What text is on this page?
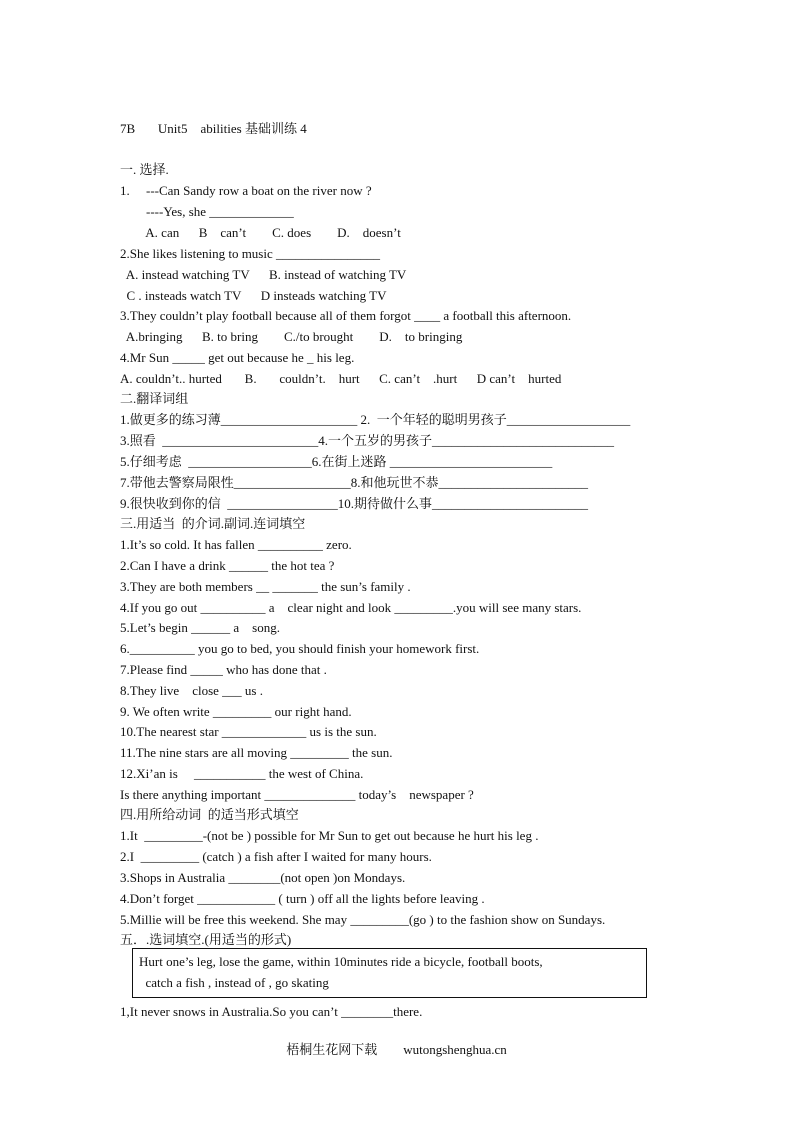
7B       Unit5    abilities 基础训练 4
一. 选择.
1.     ---Can Sandy row a boat on the river now ?
----Yes, she _____________
A. can      B    can’t        C. does        D.    doesn’t
2.She likes listening to music ________________
A. instead watching TV      B. instead of watching TV
C . insteads watch TV      D insteads watching TV
3.They couldn’t play football because all of them forgot ____ a football this afternoon.
A.bringing      B. to bring        C./to brought        D.    to bringing
4.Mr Sun _____ get out because he _ his leg.
A. couldn’t.. hurted       B.       couldn’t.    hurt      C. can’t    .hurt      D can’t    hurted
二.翻译词组
1.做更多的练习薄_____________________ 2.  一个年轻的聪明男孩子___________________
3.照看  ________________________4.一个五岁的男孩子____________________________
5.仔细考虑  ___________________6.在街上迷路 _________________________
7.带他去警察局限性__________________8.和他玩世不恭_______________________
9.很快收到你的信  _________________10.期待做什么事________________________
三.用适当  的介词.副词.连词填空
1.It’s so cold. It has fallen __________ zero.
2.Can I have a drink ______ the hot tea ?
3.They are both members __ _______ the sun’s family .
4.If you go out __________ a    clear night and look _________.you will see many stars.
5.Let’s begin ______ a    song.
6.__________ you go to bed, you should finish your homework first.
7.Please find _____ who has done that .
8.They live    close ___ us .
9. We often write _________ our right hand.
10.The nearest star _____________ us is the sun.
11.The nine stars are all moving _________ the sun.
12.Xi’an is     ___________ the west of China.
Is there anything important ______________ today’s    newspaper ?
四.用所给动词  的适当形式填空
1.It  _________-(not be ) possible for Mr Sun to get out because he hurt his leg .
2.I  _________ (catch ) a fish after I waited for many hours.
3.Shops in Australia ________(not open )on Mondays.
4.Don’t forget ____________ ( turn ) off all the lights before leaving .
5.Millie will be free this weekend. She may _________(go ) to the fashion show on Sundays.
五．.选词填空.(用适当的形式)
Hurt one’s leg, lose the game, within 10minutes ride a bicycle, football boots,
catch a fish , instead of , go skating
1,It never snows in Australia.So you can’t ________there.
梧桐生花网下载        wutongshenghua.cn
